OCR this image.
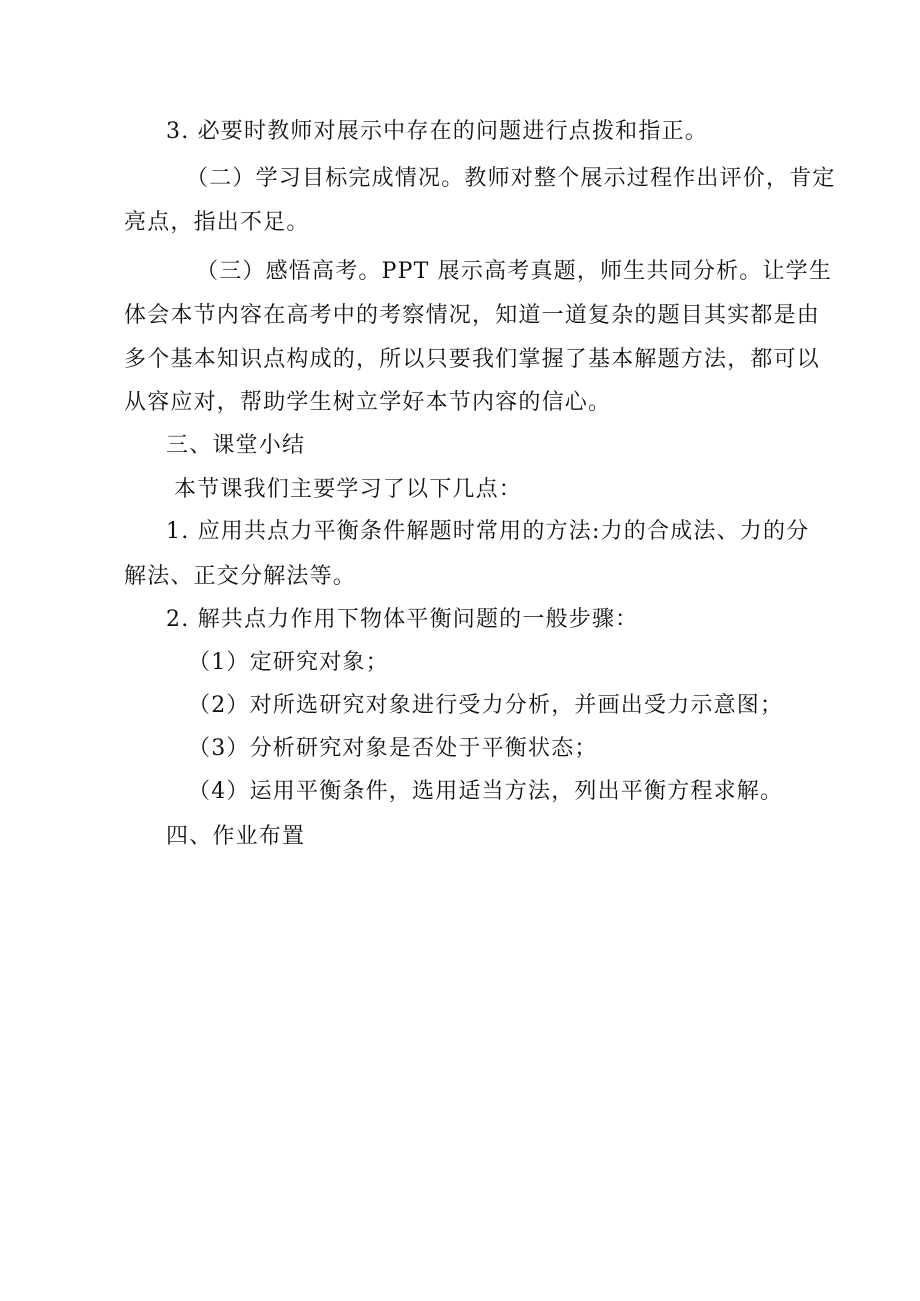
3. 必要时教师对展示中存在的问题进行点拨和指正。
（二）学习目标完成情况。教师对整个展示过程作出评价，肯定
亮点，指出不足。
（三）感悟高考。PPT 展示高考真题，师生共同分析。让学生
体会本节内容在高考中的考察情况，知道一道复杂的题目其实都是由
多个基本知识点构成的，所以只要我们掌握了基本解题方法，都可以
从容应对，帮助学生树立学好本节内容的信心。
三、课堂小结
本节课我们主要学习了以下几点：
1. 应用共点力平衡条件解题时常用的方法:力的合成法、力的分
解法、正交分解法等。
2. 解共点力作用下物体平衡问题的一般步骤：
（1）定研究对象；
（2）对所选研究对象进行受力分析，并画出受力示意图；
（3）分析研究对象是否处于平衡状态；
（4）运用平衡条件，选用适当方法，列出平衡方程求解。
四、作业布置
